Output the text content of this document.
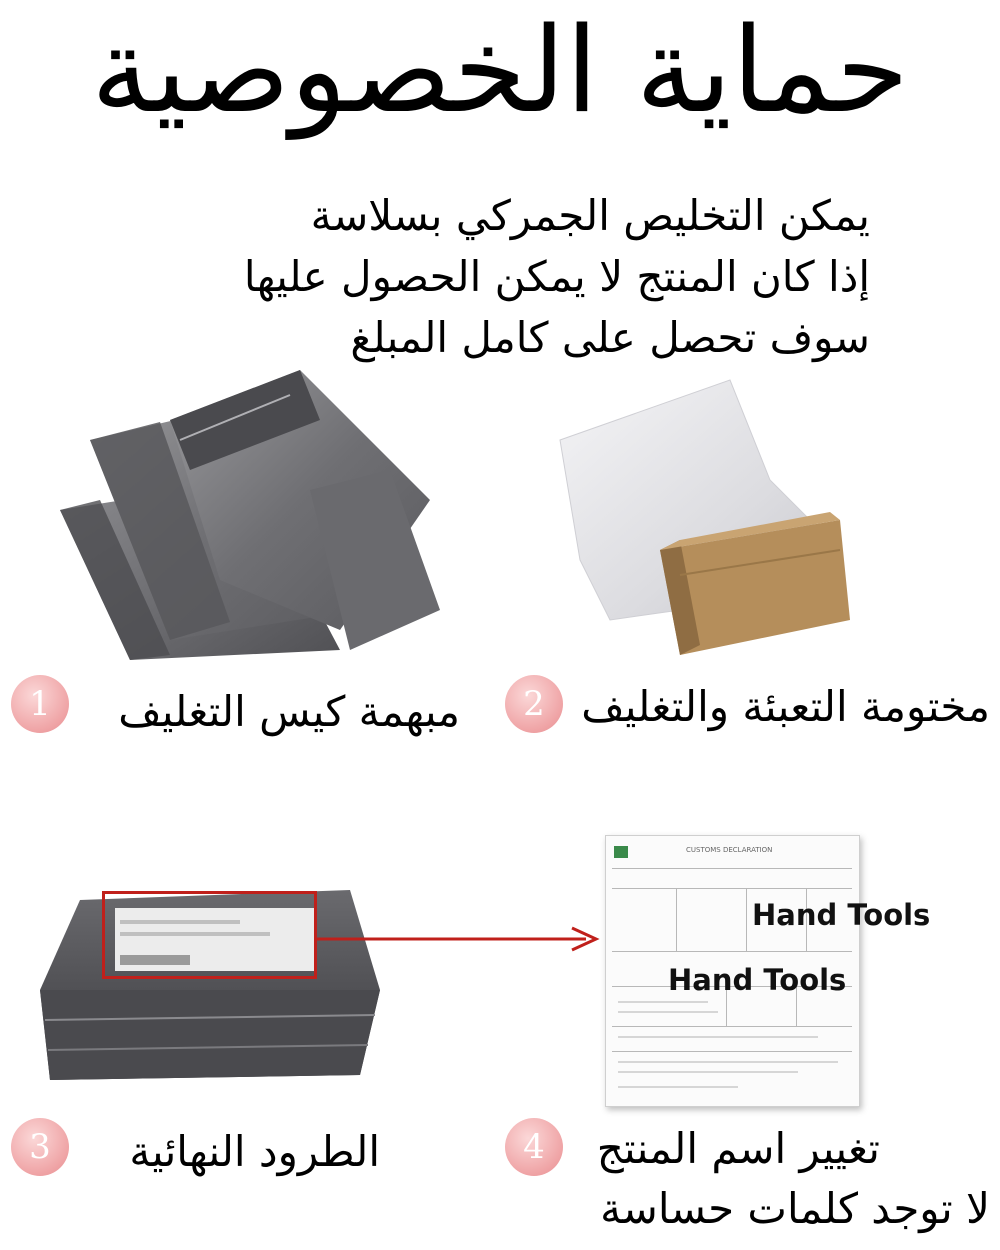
حماية الخصوصية
يمكن التخليص الجمركي بسلاسة
إذا كان المنتج لا يمكن الحصول عليها
سوف تحصل على كامل المبلغ
1	مبهمة كيس التغليف	2 مختومة التعبئة والتغليف
CUSTOMS DECLARATION
Hand Tools
Hand Tools
3	الطرود النهائية	4	تغيير اسم المنتج
لا توجد كلمات حساسة
